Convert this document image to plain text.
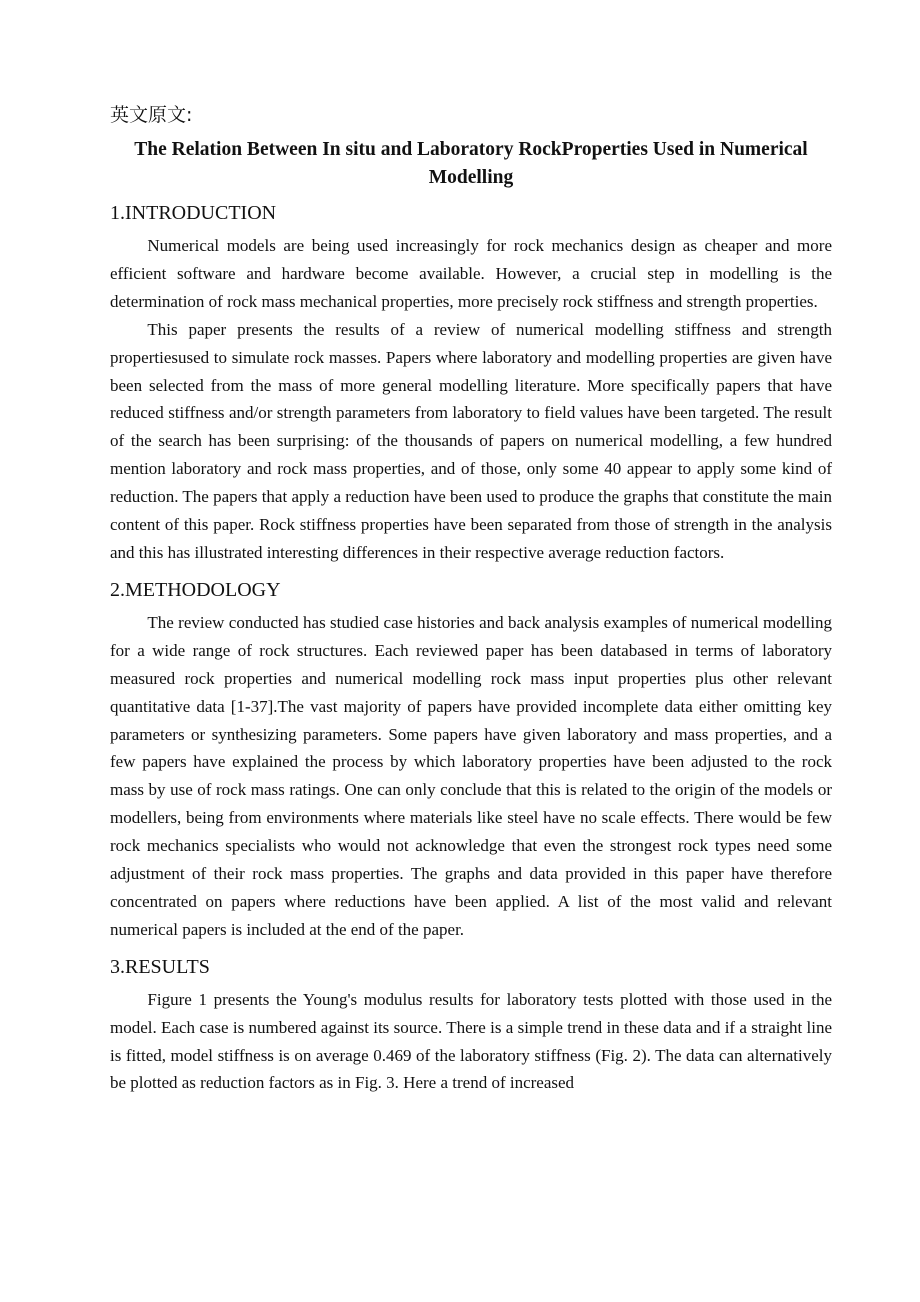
英文原文:
The Relation Between In situ and Laboratory RockProperties Used in Numerical Modelling
1.INTRODUCTION

Numerical models are being used increasingly for rock mechanics design as cheaper and more efficient software and hardware become available. However, a crucial step in modelling is the determination of rock mass mechanical properties, more precisely rock stiffness and strength properties.

This paper presents the results of a review of numerical modelling stiffness and strength propertiesused to simulate rock masses. Papers where laboratory and modelling properties are given have been selected from the mass of more general modelling literature. More specifically papers that have reduced stiffness and/or strength parameters from laboratory to field values have been targeted. The result of the search has been surprising: of the thousands of papers on numerical modelling, a few hundred mention laboratory and rock mass properties, and of those, only some 40 appear to apply some kind of reduction. The papers that apply a reduction have been used to produce the graphs that constitute the main content of this paper. Rock stiffness properties have been separated from those of strength in the analysis and this has illustrated interesting differences in their respective average reduction factors.

2.METHODOLOGY

The review conducted has studied case histories and back analysis examples of numerical modelling for a wide range of rock structures. Each reviewed paper has been databased in terms of laboratory measured rock properties and numerical modelling rock mass input properties plus other relevant quantitative data [1-37].The vast majority of papers have provided incomplete data either omitting key parameters or synthesizing parameters. Some papers have given laboratory and mass properties, and a few papers have explained the process by which laboratory properties have been adjusted to the rock mass by use of rock mass ratings. One can only conclude that this is related to the origin of the models or modellers, being from environments where materials like steel have no scale effects. There would be few rock mechanics specialists who would not acknowledge that even the strongest rock types need some adjustment of their rock mass properties. The graphs and data provided in this paper have therefore concentrated on papers where reductions have been applied. A list of the most valid and relevant numerical papers is included at the end of the paper.

3.RESULTS

Figure 1 presents the Young's modulus results for laboratory tests plotted with those used in the model. Each case is numbered against its source. There is a simple trend in these data and if a straight line is fitted, model stiffness is on average 0.469 of the laboratory stiffness (Fig. 2). The data can alternatively be plotted as reduction factors as in Fig. 3. Here a trend of increased
